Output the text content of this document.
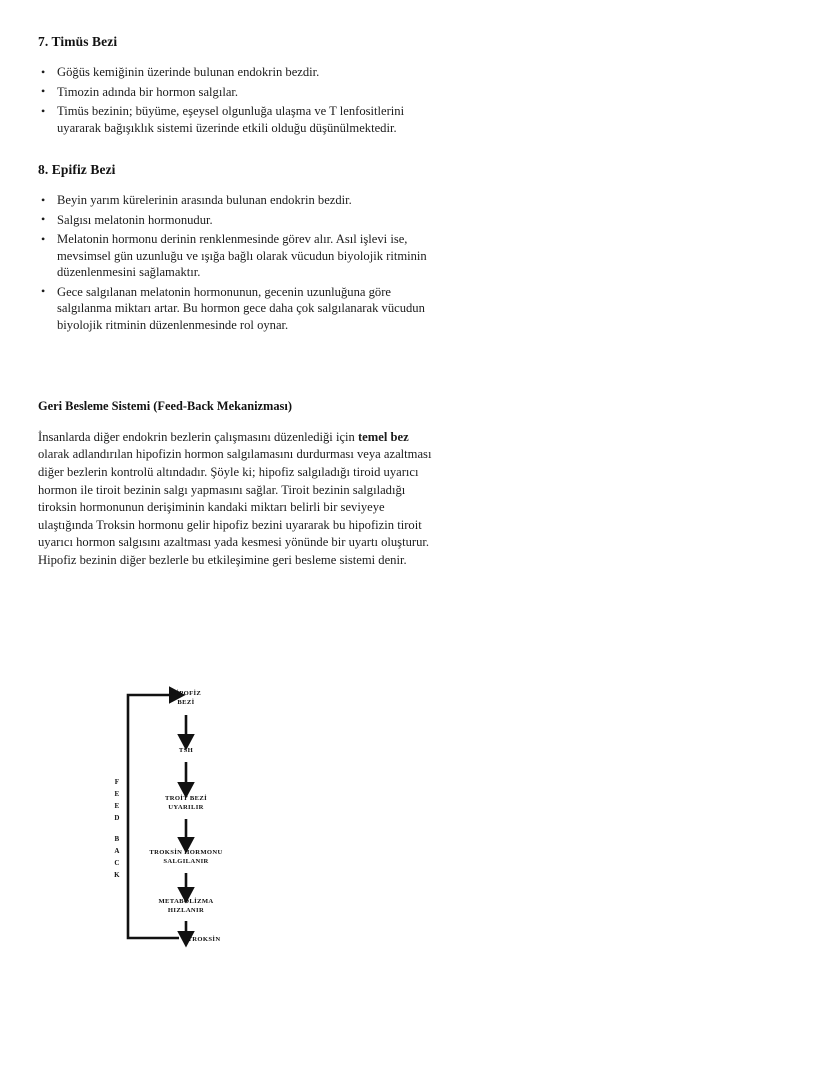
7. Timüs Bezi
• Göğüs kemiğinin üzerinde bulunan endokrin bezdir.
• Timozin adında bir hormon salgılar.
• Timüs bezinin; büyüme, eşeysel olgunluğa ulaşma ve T lenfositlerini uyararak bağışıklık sistemi üzerinde etkili olduğu düşünülmektedir.
8. Epifiz Bezi
• Beyin yarım kürelerinin arasında bulunan endokrin bezdir.
• Salgısı melatonin hormonudur.
• Melatonin hormonu derinin renklenmesinde görev alır. Asıl işlevi ise, mevsimsel gün uzunluğu ve ışığa bağlı olarak vücudun biyolojik ritminin düzenlenmesini sağlamaktır.
• Gece salgılanan melatonin hormonunun, gecenin uzunluğuna göre salgılanma miktarı artar. Bu hormon gece daha çok salgılanarak vücudun biyolojik ritminin düzenlenmesinde rol oynar.
Geri Besleme Sistemi (Feed-Back Mekanizması)

İnsanlarda diğer endokrin bezlerin çalışmasını düzenlediği için temel bez olarak adlandırılan hipofizin hormon salgılamasını durdurması veya azaltması diğer bezlerin kontrolü altındadır. Şöyle ki; hipofiz salgıladığı tiroid uyarıcı hormon ile tiroit bezinin salgı yapmasını sağlar. Tiroit bezinin salgıladığı tiroksin hormonunun derişiminin kandaki miktarı belirli bir seviyeye ulaştığında Troksin hormonu gelir hipofiz bezini uyararak bu hipofizin tiroit uyarıcı hormon salgısını azaltması yada kesmesi yönünde bir uyartı oluşturur. Hipofiz bezinin diğer bezlerle bu etkileşimine geri besleme sistemi denir.

F
E
E
D
B
A
C
K
HİPOFİZ
BEZİ
TSH
TROİT BEZİ
UYARILIR
TROKSİN HORMONU
SALGILANIR
METABOLİZMA
HIZLANIR
TROKSİN
